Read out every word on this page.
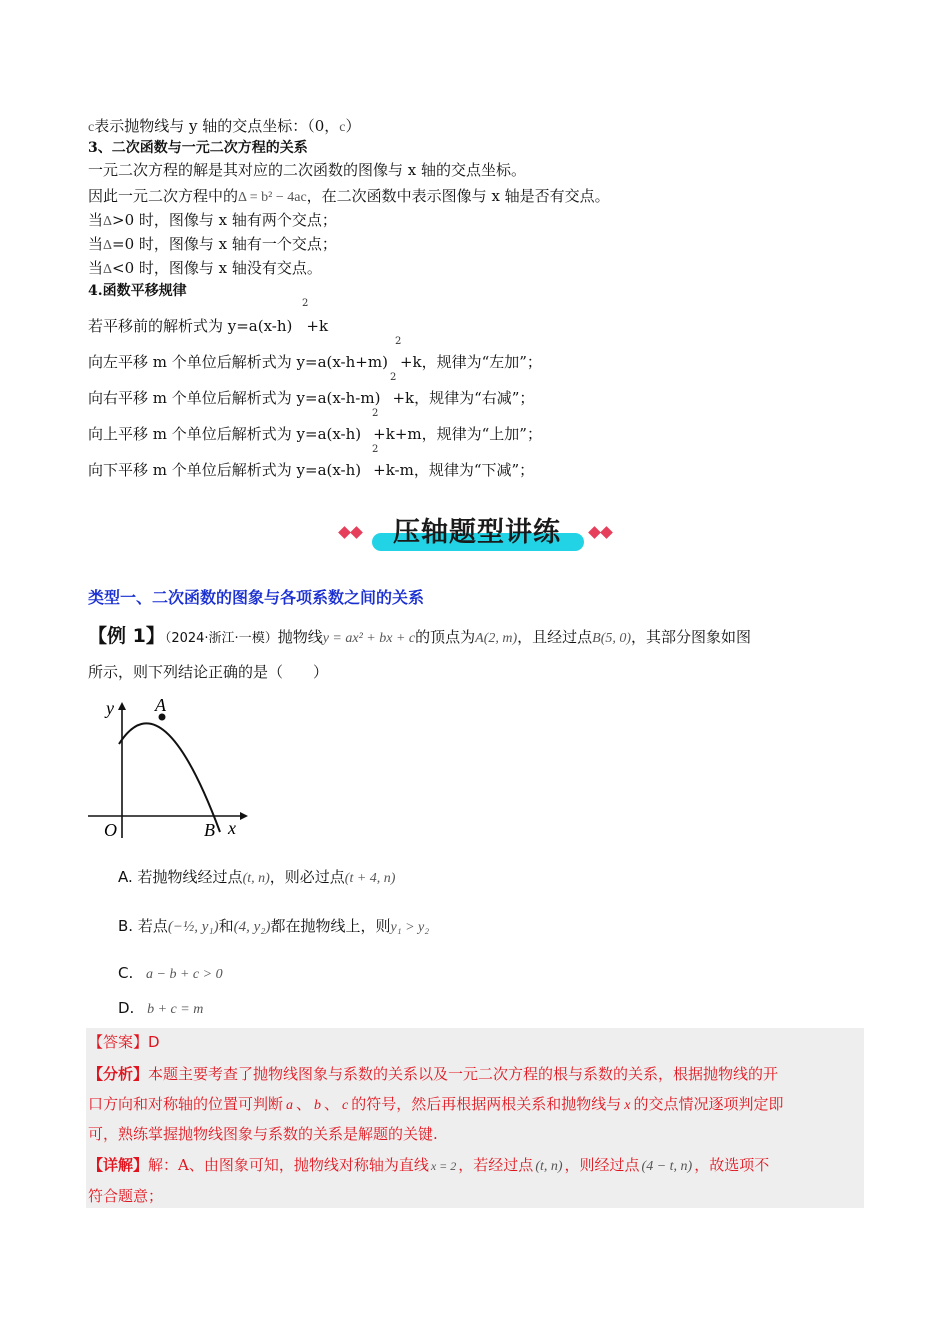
c表示抛物线与 y 轴的交点坐标：（0，c）
3、二次函数与一元二次方程的关系
一元二次方程的解是其对应的二次函数的图像与 x 轴的交点坐标。
因此一元二次方程中的Δ = b² − 4ac，在二次函数中表示图像与 x 轴是否有交点。
当Δ>0 时，图像与 x 轴有两个交点；
当Δ=0 时，图像与 x 轴有一个交点；
当Δ<0 时，图像与 x 轴没有交点。
4.函数平移规律
若平移前的解析式为 y=a(x-h) +k
2
向左平移 m 个单位后解析式为 y=a(x-h+m) +k，规律为“左加”；
2
向右平移 m 个单位后解析式为 y=a(x-h-m) +k，规律为“右减”；
2
向上平移 m 个单位后解析式为 y=a(x-h) +k+m，规律为“上加”；
2
向下平移 m 个单位后解析式为 y=a(x-h) +k-m，规律为“下减”；
2
压轴题型讲练
类型一、二次函数的图象与各项系数之间的关系
【例 1】（2024·浙江·一模）抛物线y = ax² + bx + c的顶点为A(2, m)，且经过点B(5, 0)，其部分图象如图
所示，则下列结论正确的是（　　）
y A
O	B x
A. 若抛物线经过点(t, n)，则必过点(t + 4, n)
B. 若点(−½, y₁)和(4, y₂)都在抛物线上，则y₁ > y₂
C. a − b + c > 0
D. b + c = m
【答案】D
【分析】本题主要考查了抛物线图象与系数的关系以及一元二次方程的根与系数的关系，根据抛物线的开
口方向和对称轴的位置可判断 a 、 b 、 c 的符号，然后再根据两根关系和抛物线与 x 的交点情况逐项判定即
可，熟练掌握抛物线图象与系数的关系是解题的关键.
【详解】解：A、由图象可知，抛物线对称轴为直线 x = 2 ，若经过点 (t, n) ，则经过点 (4 − t, n) ，故选项不
符合题意；
